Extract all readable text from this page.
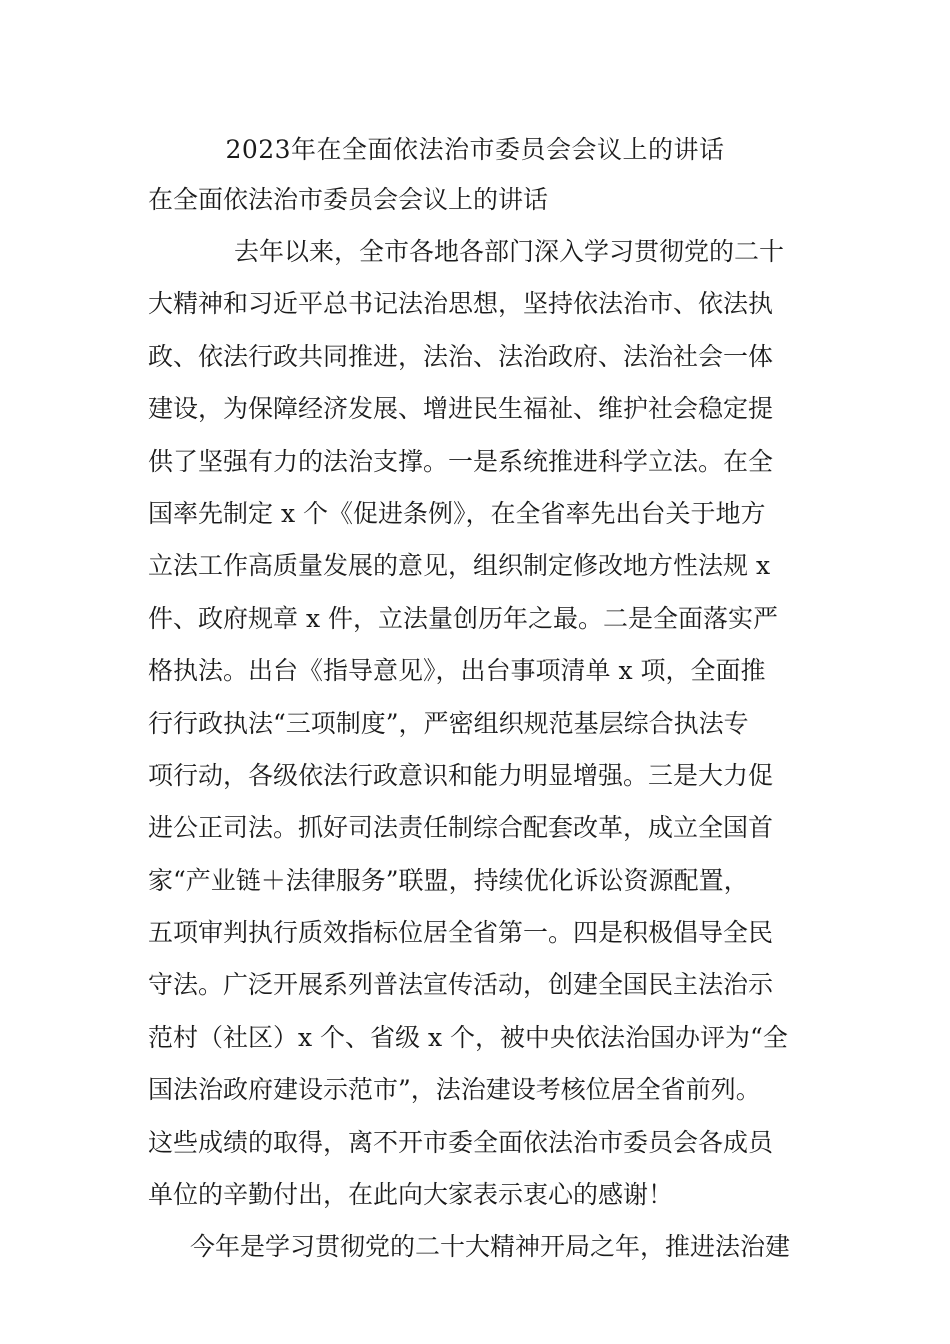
2023年在全面依法治市委员会会议上的讲话
在全面依法治市委员会会议上的讲话
去年以来，全市各地各部门深入学习贯彻党的二十
大精神和习近平总书记法治思想，坚持依法治市、依法执
政、依法行政共同推进，法治、法治政府、法治社会一体
建设，为保障经济发展、增进民生福祉、维护社会稳定提
供了坚强有力的法治支撑。一是系统推进科学立法。在全
国率先制定 x 个《促进条例》，在全省率先出台关于地方
立法工作高质量发展的意见，组织制定修改地方性法规 x
件、政府规章 x 件，立法量创历年之最。二是全面落实严
格执法。出台《指导意见》，出台事项清单 x 项，全面推
行行政执法“三项制度”，严密组织规范基层综合执法专
项行动，各级依法行政意识和能力明显增强。三是大力促
进公正司法。抓好司法责任制综合配套改革，成立全国首
家“产业链＋法律服务”联盟，持续优化诉讼资源配置，
五项审判执行质效指标位居全省第一。四是积极倡导全民
守法。广泛开展系列普法宣传活动，创建全国民主法治示
范村（社区）x 个、省级 x 个，被中央依法治国办评为“全
国法治政府建设示范市”，法治建设考核位居全省前列。
这些成绩的取得，离不开市委全面依法治市委员会各成员
单位的辛勤付出，在此向大家表示衷心的感谢！
今年是学习贯彻党的二十大精神开局之年，推进法治建
